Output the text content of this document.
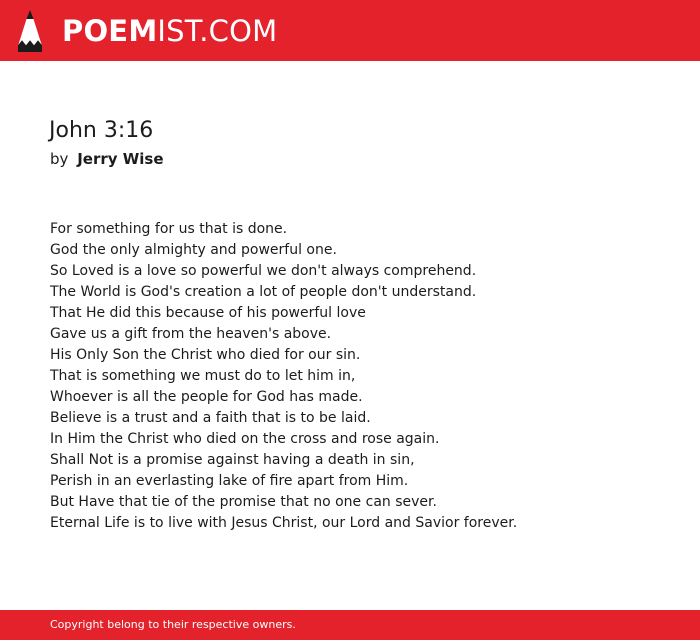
POEMIST.COM
John 3:16
by Jerry Wise
For something for us that is done.
God the only almighty and powerful one.
So Loved is a love so powerful we don't always comprehend.
The World is God's creation a lot of people don't understand.
That He did this because of his powerful love
Gave us a gift from the heaven's above.
His Only Son the Christ who died for our sin.
That is something we must do to let him in,
Whoever is all the people for God has made.
Believe is a trust and a faith that is to be laid.
In Him the Christ who died on the cross and rose again.
Shall Not is a promise against having a death in sin,
Perish in an everlasting lake of fire apart from Him.
But Have that tie of the promise that no one can sever.
Eternal Life is to live with Jesus Christ, our Lord and Savior forever.
Copyright belong to their respective owners.
